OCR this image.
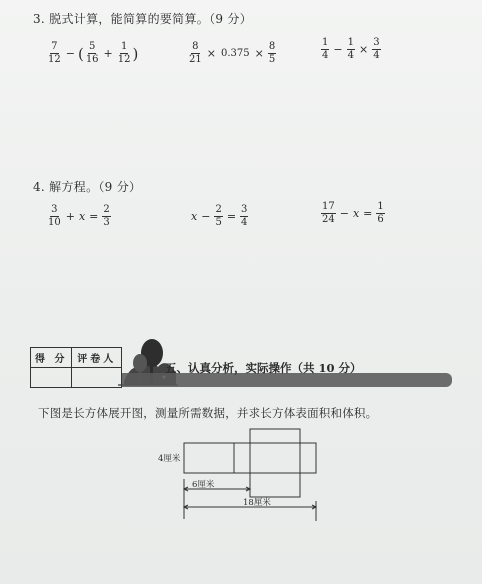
3. 脱式计算，能简算的要简算。（9 分）
$\frac{7}{12}$ − ( $\frac{5}{16} + \frac{1}{12}$ )	$\frac{8}{21} \times 0.375 \times \frac{8}{5}$	$\frac{1}{4} - \frac{1}{4} \times \frac{3}{4}$
4. 解方程。（9 分）
$\frac{3}{10} + x = \frac{2}{3}$	$x - \frac{2}{5} = \frac{3}{4}$	$\frac{17}{24} - x = \frac{1}{6}$
得 分	评卷人

五、认真分析，实际操作（共 10 分）
下图是长方体展开图，测量所需数据，并求长方体表面积和体积。
4厘米
6厘米
18厘米
